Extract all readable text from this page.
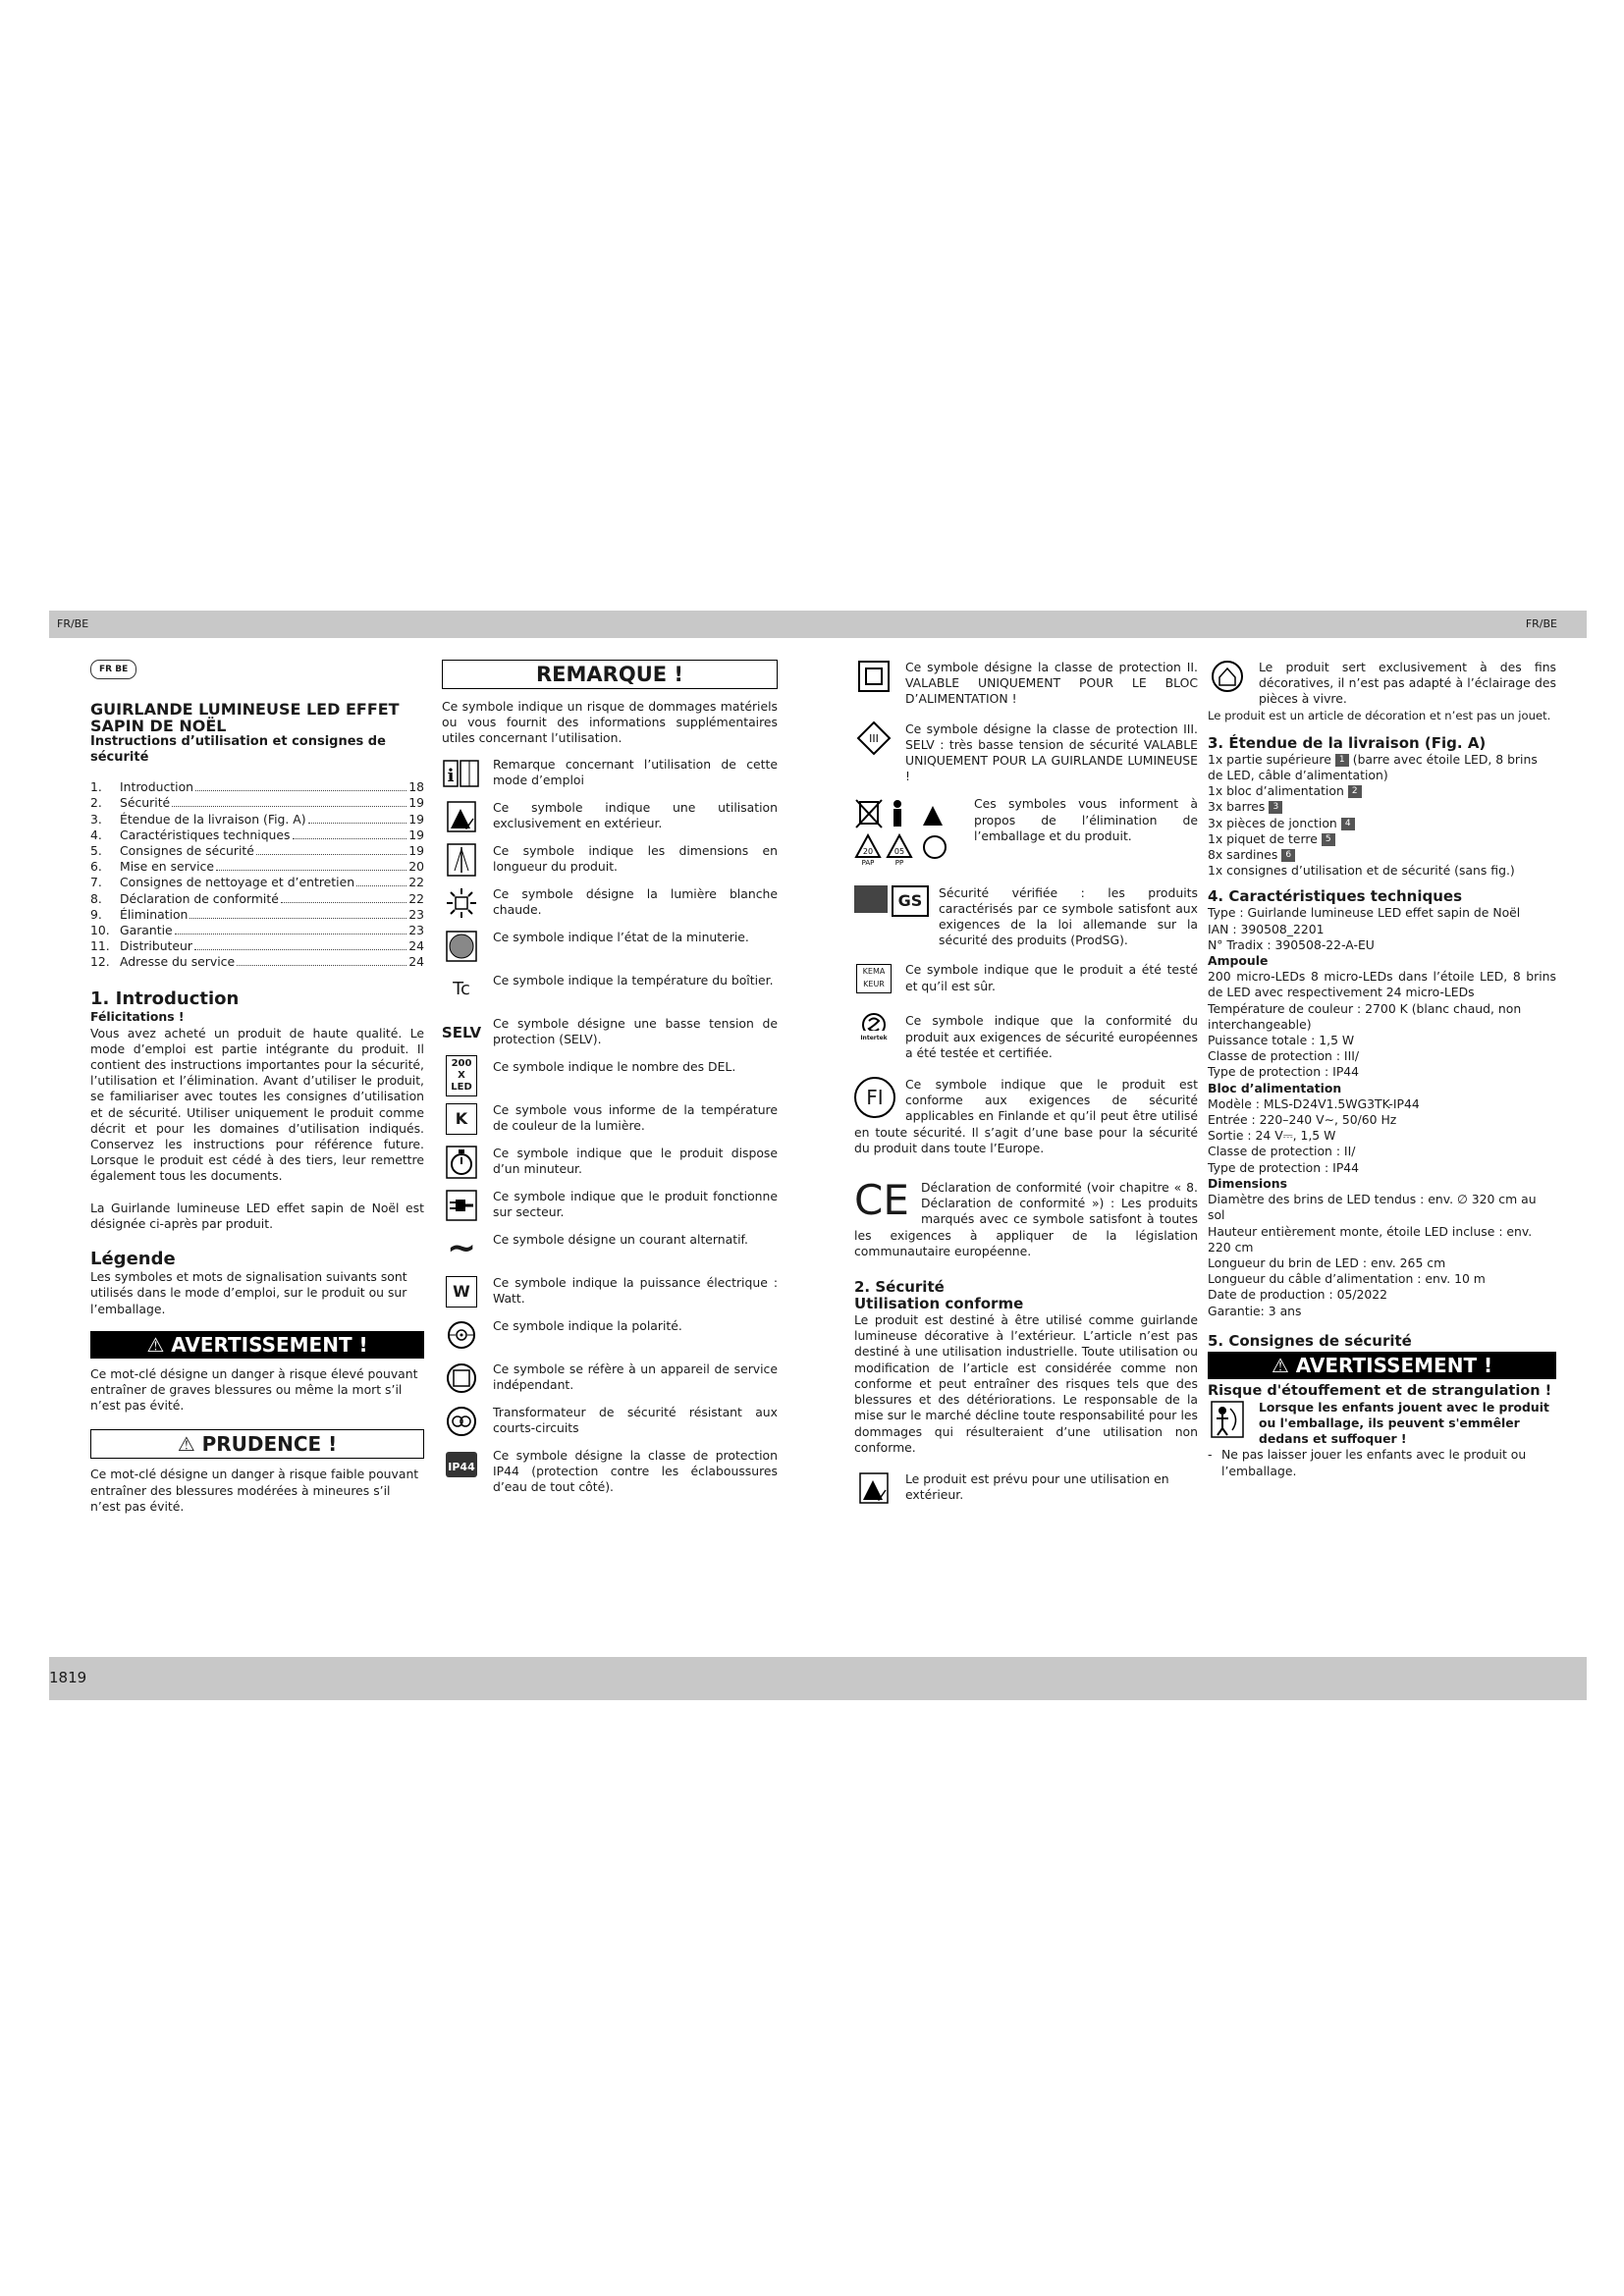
FR/BE	FR/BE
1819
FR BE
GUIRLANDE LUMINEUSE LED EFFET SAPIN DE NOËL
Instructions d’utilisation et consignes de sécurité
1.	Introduction	18
2.	Sécurité	19
3.	Étendue de la livraison (Fig. A)	19
4.	Caractéristiques techniques	19
5.	Consignes de sécurité	19
6.	Mise en service	20
7.	Consignes de nettoyage et d’entretien	22
8.	Déclaration de conformité	22
9.	Élimination	23
10. Garantie	23
11. Distributeur	24
12. Adresse du service	24
1. Introduction
Félicitations !

Vous avez acheté un produit de haute qualité. Le mode d’emploi est partie intégrante du produit. Il contient des instructions importantes pour la sécurité, l’utilisation et l’élimination. Avant d’utiliser le produit, se familiariser avec toutes les consignes d’utilisation et de sécurité. Utiliser uniquement le produit comme décrit et pour les domaines d’utilisation indiqués. Conservez les instructions pour référence future. Lorsque le produit est cédé à des tiers, leur remettre également tous les documents.

La Guirlande lumineuse LED effet sapin de Noël est désignée ci-après par produit.

Légende

Les symboles et mots de signalisation suivants sont utilisés dans le mode d’emploi, sur le produit ou sur l’emballage.

⚠ AVERTISSEMENT !

Ce mot-clé désigne un danger à risque élevé pouvant entraîner de graves blessures ou même la mort s’il n’est pas évité.

⚠ PRUDENCE !

Ce mot-clé désigne un danger à risque faible pouvant entraîner des blessures modérées à mineures s’il n’est pas évité.

REMARQUE !

Ce symbole indique un risque de dommages matériels ou vous fournit des informations supplémentaires utiles concernant l’utilisation.

i
Remarque concernant l’utilisation de cette mode d’emploi
Ce symbole indique une utilisation exclusivement en extérieur.
Ce symbole indique les dimensions en longueur du produit.
Ce symbole désigne la lumière blanche chaude.
Ce symbole indique l’état de la minuterie.
Tc Ce symbole indique la température du boîtier.
SELV
Ce symbole désigne une basse tension de protection (SELV).
200 X LED
Ce symbole indique le nombre des DEL.
K	Ce symbole vous informe de la température de couleur de la lumière.
Ce symbole indique que le produit dispose d’un minuteur.
Ce symbole indique que le produit fonctionne sur secteur.
∼ Ce symbole désigne un courant alternatif.
W	Ce symbole indique la puissance électrique : Watt.
Ce symbole indique la polarité.
Ce symbole se réfère à un appareil de service indépendant.
Transformateur de sécurité résistant aux courts-circuits
IP44
Ce symbole désigne la classe de protection IP44 (protection contre les éclaboussures d’eau de tout côté).
Ce symbole désigne la classe de protection II. VALABLE UNIQUEMENT POUR LE BLOC D’ALIMENTATION !
III
Ce symbole désigne la classe de protection III. SELV : très basse tension de sécurité VALABLE UNIQUEMENT POUR LA GUIRLANDE LUMINEUSE !
20
PAP
05
PP
Ces symboles vous informent à propos de l’élimination de l’emballage et du produit.
GS	Sécurité vérifiée : les produits caractérisés par ce symbole satisfont aux exigences de la loi allemande sur la sécurité des produits (ProdSG).
KEMA KEUR
Ce symbole indique que le produit a été testé et qu’il est sûr.
Intertek
Ce symbole indique que la conformité du produit aux exigences de sécurité européennes a été testée et certifiée.
FI
Ce symbole indique que le produit est conforme aux exigences de sécurité applicables en Finlande et qu’il peut être utilisé en toute sécurité. Il s’agit d’une base pour la sécurité du produit dans toute l’Europe.
CE Déclaration de conformité (voir chapitre « 8. Déclaration de conformité ») : Les produits marqués avec ce symbole satisfont à toutes les exigences à appliquer de la législation communautaire européenne.
2. Sécurité
Utilisation conforme

Le produit est destiné à être utilisé comme guirlande lumineuse décorative à l’extérieur. L’article n’est pas destiné à une utilisation industrielle. Toute utilisation ou modification de l’article est considérée comme non conforme et peut entraîner des risques tels que des blessures et des détériorations. Le responsable de la mise sur le marché décline toute responsabilité pour les dommages qui résulteraient d’une utilisation non conforme.

Le produit est prévu pour une utilisation en extérieur.
Le produit sert exclusivement à des fins décoratives, il n’est pas adapté à l’éclairage des pièces à vivre.

Le produit est un article de décoration et n’est pas un jouet.

3. Étendue de la livraison (Fig. A)
1x partie supérieure 1 (barre avec étoile LED, 8 brins de LED, câble d’alimentation)
1x bloc d’alimentation 2
3x barres 3
3x pièces de jonction 4
1x piquet de terre 5
8x sardines 6
1x consignes d’utilisation et de sécurité (sans fig.)
4. Caractéristiques techniques
Type : Guirlande lumineuse LED effet sapin de Noël
IAN : 390508_2201
N° Tradix : 390508-22-A-EU
Ampoule

200 micro-LEDs 8 micro-LEDs dans l’étoile LED, 8 brins de LED avec respectivement 24 micro-LEDs

Température de couleur : 2700 K (blanc chaud, non interchangeable)
Puissance totale : 1,5 W
Classe de protection : III/
Type de protection : IP44
Bloc d’alimentation
Modèle : MLS-D24V1.5WG3TK-IP44
Entrée : 220–240 V∼, 50/60 Hz
Sortie : 24 V⎓, 1,5 W
Classe de protection : II/
Type de protection : IP44
Dimensions
Diamètre des brins de LED tendus : env. ∅ 320 cm au sol
Hauteur entièrement monte, étoile LED incluse : env. 220 cm
Longueur du brin de LED : env. 265 cm
Longueur du câble d’alimentation : env. 10 m
Date de production : 05/2022
Garantie: 3 ans
5. Consignes de sécurité
⚠ AVERTISSEMENT !
Risque d'étouffement et de strangulation !
Lorsque les enfants jouent avec le produit ou l'emballage, ils peuvent s'emmêler dedans et suffoquer !
- Ne pas laisser jouer les enfants avec le produit ou l’emballage.
